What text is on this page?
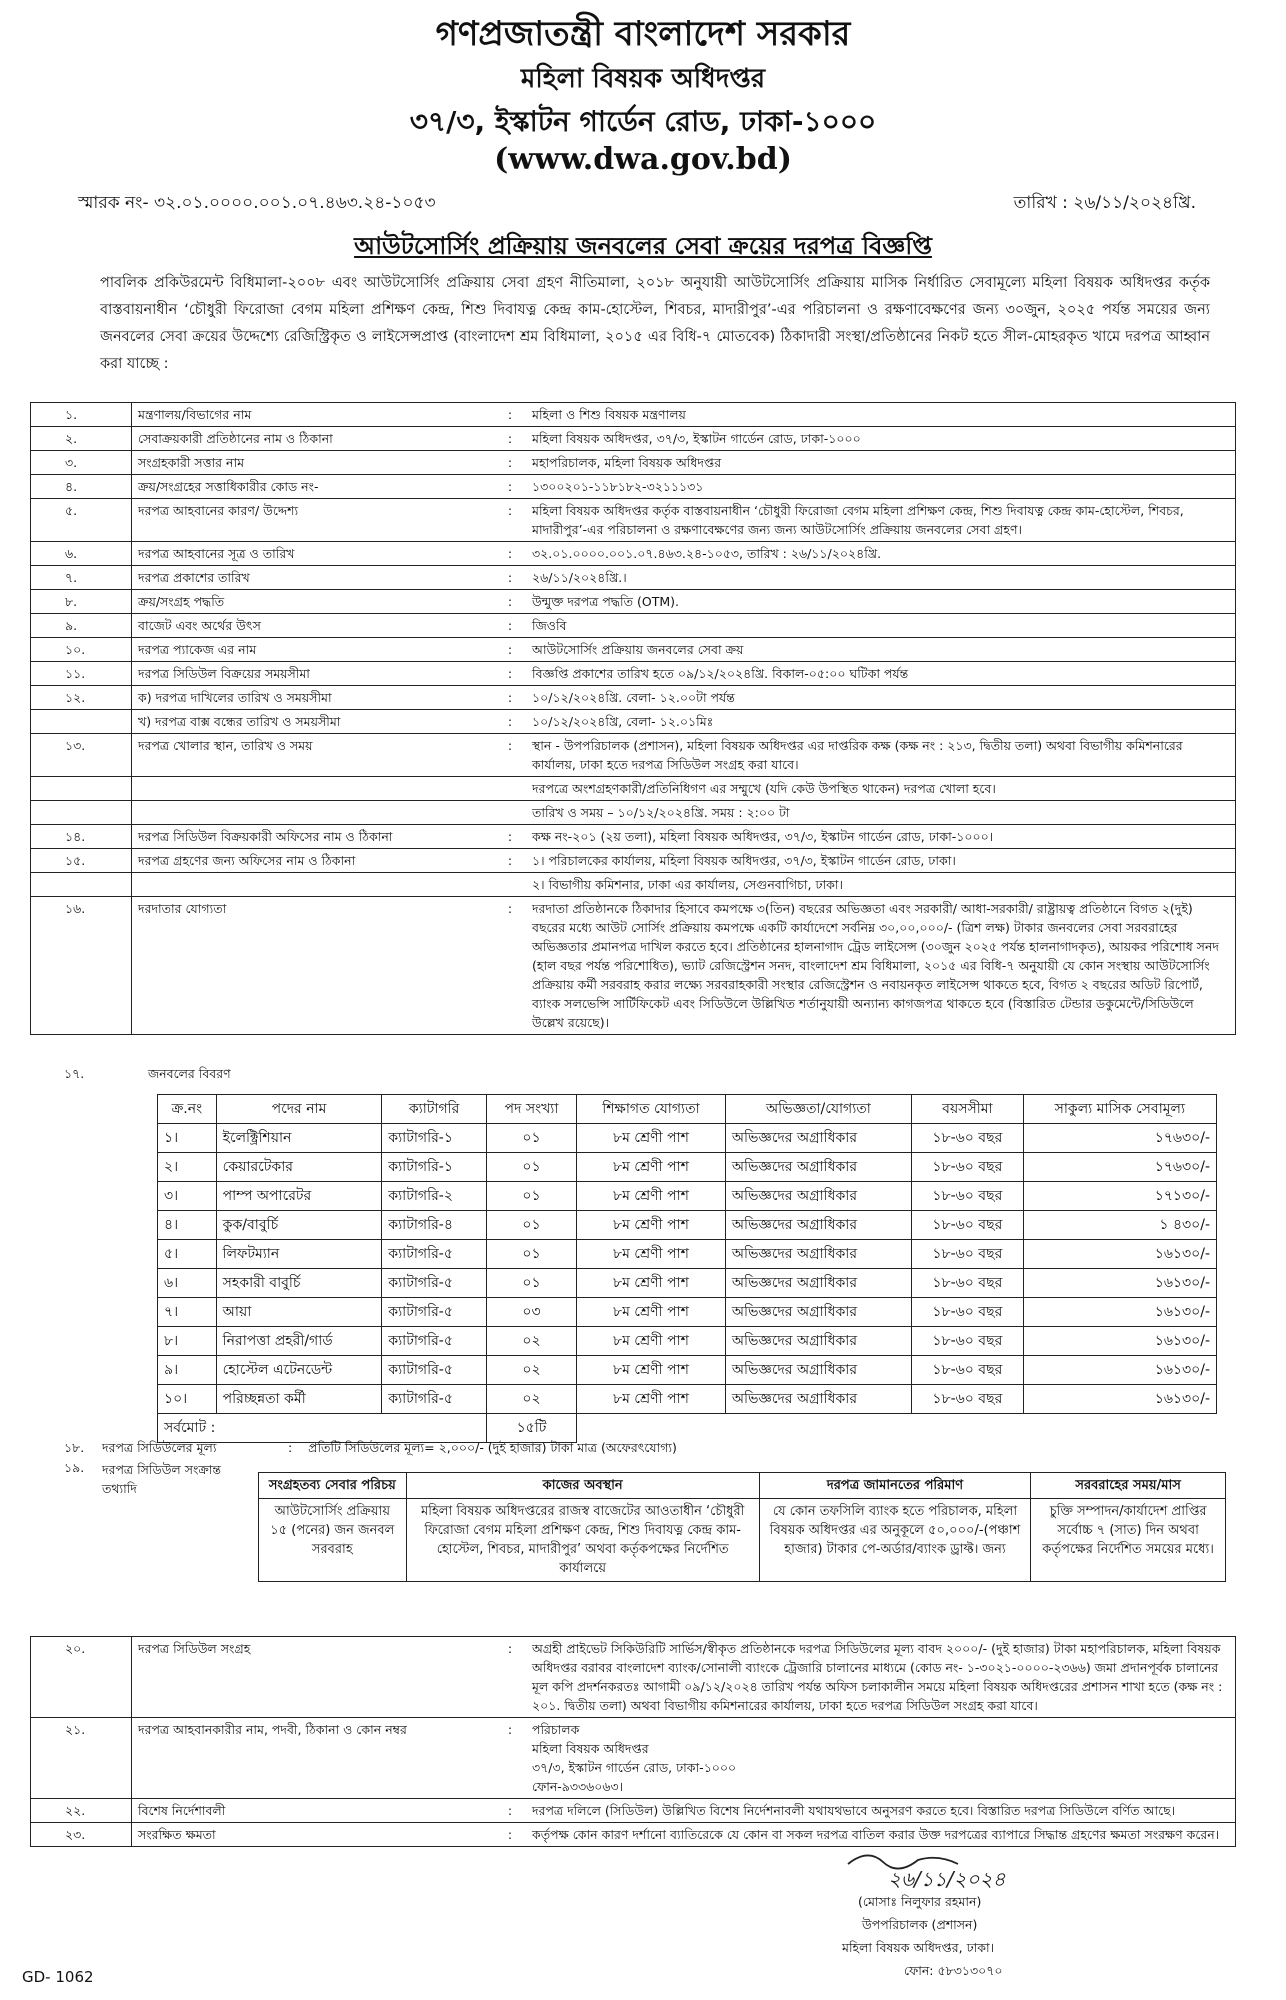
গণপ্রজাতন্ত্রী বাংলাদেশ সরকার
মহিলা বিষয়ক অধিদপ্তর
৩৭/৩, ইস্কাটন গার্ডেন রোড, ঢাকা-১০০০
(www.dwa.gov.bd)
স্মারক নং- ৩২.০১.০০০০.০০১.০৭.৪৬৩.২৪-১০৫৩	তারিখ : ২৬/১১/২০২৪খ্রি.
আউটসোর্সিং প্রক্রিয়ায় জনবলের সেবা ক্রয়ের দরপত্র বিজ্ঞপ্তি
পাবলিক প্রকিউরমেন্ট বিধিমালা-২০০৮ এবং আউটসোর্সিং প্রক্রিয়ায় সেবা গ্রহণ নীতিমালা, ২০১৮ অনুযায়ী আউটসোর্সিং প্রক্রিয়ায় মাসিক নির্ধারিত সেবামূল্যে মহিলা বিষয়ক অধিদপ্তর কর্তৃক বাস্তবায়নাধীন ‘চৌধুরী ফিরোজা বেগম মহিলা প্রশিক্ষণ কেন্দ্র, শিশু দিবাযত্ন কেন্দ্র কাম-হোস্টেল, শিবচর, মাদারীপুর’-এর পরিচালনা ও রক্ষণাবেক্ষণের জন্য ৩০জুন, ২০২৫ পর্যন্ত সময়ের জন্য জনবলের সেবা ক্রয়ের উদ্দেশ্যে রেজিস্ট্রিকৃত ও লাইসেন্সপ্রাপ্ত (বাংলাদেশ শ্রম বিধিমালা, ২০১৫ এর বিধি-৭ মোতবেক) ঠিকাদারী সংস্থা/প্রতিষ্ঠানের নিকট হতে সীল-মোহরকৃত খামে দরপত্র আহ্বান করা যাচ্ছে :
১.	মন্ত্রণালয়/বিভাগের নাম	:	মহিলা ও শিশু বিষয়ক মন্ত্রণালয়
২.	সেবাক্রয়কারী প্রতিষ্ঠানের নাম ও ঠিকানা	:	মহিলা বিষয়ক অধিদপ্তর, ৩৭/৩, ইস্কাটন গার্ডেন রোড, ঢাকা-১০০০
৩.	সংগ্রহকারী সত্তার নাম	:	মহাপরিচালক, মহিলা বিষয়ক অধিদপ্তর
৪.	ক্রয়/সংগ্রহের সত্তাধিকারীর কোড নং-	:	১৩০০২০১-১১৮১৮২-৩২১১১৩১
৫.	দরপত্র আহবানের কারণ/ উদ্দেশ্য	:	মহিলা বিষয়ক অধিদপ্তর কর্তৃক বাস্তবায়নাধীন ‘চৌধুরী ফিরোজা বেগম মহিলা প্রশিক্ষণ কেন্দ্র, শিশু দিবাযত্ন কেন্দ্র কাম-হোস্টেল, শিবচর, মাদারীপুর’-এর পরিচালনা ও রক্ষণাবেক্ষণের জন্য জন্য আউটসোর্সিং প্রক্রিয়ায় জনবলের সেবা গ্রহণ।
৬.	দরপত্র আহবানের সূত্র ও তারিখ	:	৩২.০১.০০০০.০০১.০৭.৪৬৩.২৪-১০৫৩, তারিখ : ২৬/১১/২০২৪খ্রি.
৭.	দরপত্র প্রকাশের তারিখ	:	২৬/১১/২০২৪খ্রি.।
৮.	ক্রয়/সংগ্রহ পদ্ধতি	:	উন্মুক্ত দরপত্র পদ্ধতি (OTM).
৯.	বাজেট এবং অর্থের উৎস	:	জিওবি
১০.	দরপত্র প্যাকেজ এর নাম	:	আউটসোর্সিং প্রক্রিয়ায় জনবলের সেবা ক্রয়
১১.	দরপত্র সিডিউল বিক্রয়ের সময়সীমা	:	বিজ্ঞপ্তি প্রকাশের তারিখ হতে ০৯/১২/২০২৪খ্রি. বিকাল-০৫:০০ ঘটিকা পর্যন্ত
১২.	ক) দরপত্র দাখিলের তারিখ ও সময়সীমা	:	১০/১২/২০২৪খ্রি. বেলা- ১২.০০টা পর্যন্ত
	খ) দরপত্র বাক্স বন্ধের তারিখ ও সময়সীমা	:	১০/১২/২০২৪খ্রি, বেলা- ১২.০১মিঃ
১৩.	দরপত্র খোলার স্থান, তারিখ ও সময়	:	স্থান - উপপরিচালক (প্রশাসন), মহিলা বিষয়ক অধিদপ্তর এর দাপ্তরিক কক্ষ (কক্ষ নং : ২১৩, দ্বিতীয় তলা) অথবা বিভাগীয় কমিশনারের কার্যালয়, ঢাকা হতে দরপত্র সিডিউল সংগ্রহ করা যাবে।
			দরপত্রে অংশগ্রহণকারী/প্রতিনিধিগণ এর সম্মুখে (যদি কেউ উপস্থিত থাকেন) দরপত্র খোলা হবে।
			তারিখ ও সময় – ১০/১২/২০২৪খ্রি. সময় : ২:০০ টা
১৪.	দরপত্র সিডিউল বিক্রয়কারী অফিসের নাম ও ঠিকানা	:	কক্ষ নং-২০১ (২য় তলা), মহিলা বিষয়ক অধিদপ্তর, ৩৭/৩, ইস্কাটন গার্ডেন রোড, ঢাকা-১০০০।
১৫.	দরপত্র গ্রহণের জন্য অফিসের নাম ও ঠিকানা	:	১। পরিচালকের কার্যালয়, মহিলা বিষয়ক অধিদপ্তর, ৩৭/৩, ইস্কাটন গার্ডেন রোড, ঢাকা।
			২। বিভাগীয় কমিশনার, ঢাকা এর কার্যালয়, সেগুনবাগিচা, ঢাকা।
১৬.	দরদাতার যোগ্যতা	:	দরদাতা প্রতিষ্ঠানকে ঠিকাদার হিসাবে কমপক্ষে ৩(তিন) বছরের অভিজ্ঞতা এবং সরকারী/ আধা-সরকারী/ রাষ্ট্রায়ত্ব প্রতিষ্ঠানে বিগত ২(দুই) বছরের মধ্যে আউট সোর্সিং প্রক্রিয়ায় কমপক্ষে একটি কার্যাদেশে সর্বনিম্ন ৩০,০০,০০০/- (ত্রিশ লক্ষ) টাকার জনবলের সেবা সরবরাহের অভিজ্ঞতার প্রমানপত্র দাখিল করতে হবে। প্রতিষ্ঠানের হালনাগাদ ট্রেড লাইসেন্স (৩০জুন ২০২৫ পর্যন্ত হালনাগাদকৃত), আয়কর পরিশোধ সনদ (হাল বছর পর্যন্ত পরিশোধিত), ভ্যাট রেজিস্ট্রেশন সনদ, বাংলাদেশ শ্রম বিধিমালা, ২০১৫ এর বিধি-৭ অনুযায়ী যে কোন সংস্থায় আউটসোর্সিং প্রক্রিয়ায় কর্মী সরবরাহ করার লক্ষ্যে সরবরাহকারী সংস্থার রেজিস্ট্রেশন ও নবায়নকৃত লাইসেন্স থাকতে হবে, বিগত ২ বছরের অডিট রিপোর্ট, ব্যাংক সলভেন্সি সার্টিফিকেট এবং সিডিউলে উল্লিখিত শর্তানুযায়ী অন্যান্য কাগজপত্র থাকতে হবে (বিস্তারিত টেন্ডার ডকুমেন্টে/সিডিউলে উল্লেখ রয়েছে)।
১৭.	জনবলের বিবরণ
ক্র.নং	পদের নাম	ক্যাটাগরি	পদ সংখ্যা	শিক্ষাগত যোগ্যতা	অভিজ্ঞতা/যোগ্যতা	বয়সসীমা	সাকুল্য মাসিক সেবামূল্য
১।	ইলেক্ট্রিশিয়ান	ক্যাটাগরি-১	০১	৮ম শ্রেণী পাশ	অভিজ্ঞদের অগ্রাধিকার	১৮-৬০ বছর	১৭৬৩০/-
২।	কেয়ারটেকার	ক্যাটাগরি-১	০১	৮ম শ্রেণী পাশ	অভিজ্ঞদের অগ্রাধিকার	১৮-৬০ বছর	১৭৬৩০/-
৩।	পাম্প অপারেটর	ক্যাটাগরি-২	০১	৮ম শ্রেণী পাশ	অভিজ্ঞদের অগ্রাধিকার	১৮-৬০ বছর	১৭১৩০/-
৪।	কুক/বাবুর্চি	ক্যাটাগরি-৪	০১	৮ম শ্রেণী পাশ	অভিজ্ঞদের অগ্রাধিকার	১৮-৬০ বছর	১ ৪৩০/-
৫।	লিফটম্যান	ক্যাটাগরি-৫	০১	৮ম শ্রেণী পাশ	অভিজ্ঞদের অগ্রাধিকার	১৮-৬০ বছর	১৬১৩০/-
৬।	সহকারী বাবুর্চি	ক্যাটাগরি-৫	০১	৮ম শ্রেণী পাশ	অভিজ্ঞদের অগ্রাধিকার	১৮-৬০ বছর	১৬১৩০/-
৭।	আয়া	ক্যাটাগরি-৫	০৩	৮ম শ্রেণী পাশ	অভিজ্ঞদের অগ্রাধিকার	১৮-৬০ বছর	১৬১৩০/-
৮।	নিরাপত্তা প্রহরী/গার্ড	ক্যাটাগরি-৫	০২	৮ম শ্রেণী পাশ	অভিজ্ঞদের অগ্রাধিকার	১৮-৬০ বছর	১৬১৩০/-
৯।	হোস্টেল এটেনডেন্ট	ক্যাটাগরি-৫	০২	৮ম শ্রেণী পাশ	অভিজ্ঞদের অগ্রাধিকার	১৮-৬০ বছর	১৬১৩০/-
১০।	পরিচ্ছন্নতা কর্মী	ক্যাটাগরি-৫	০২	৮ম শ্রেণী পাশ	অভিজ্ঞদের অগ্রাধিকার	১৮-৬০ বছর	১৬১৩০/-
সর্বমোট :			১৫টি				
১৮. দরপত্র সিডিউলের মূল্য	: প্রতিটি সিডিউলের মূল্য= ২,০০০/- (দুই হাজার) টাকা মাত্র (অফেরৎযোগ্য)
১৯. দরপত্র সিডিউল সংক্রান্ত তথ্যাদি	সংগ্রহতব্য সেবার পরিচয়	কাজের অবস্থান	দরপত্র জামানতের পরিমাণ	সরবরাহের সময়/মাস
আউটসোর্সিং প্রক্রিয়ায় ১৫ (পনের) জন জনবল সরবরাহ	মহিলা বিষয়ক অধিদপ্তরের রাজস্ব বাজেটের আওতাধীন ‘চৌধুরী ফিরোজা বেগম মহিলা প্রশিক্ষণ কেন্দ্র, শিশু দিবাযত্ন কেন্দ্র কাম-হোস্টেল, শিবচর, মাদারীপুর’ অথবা কর্তৃকপক্ষের নির্দেশিত কার্যালয়ে	যে কোন তফসিলি ব্যাংক হতে পরিচালক, মহিলা বিষয়ক অধিদপ্তর এর অনুকূলে ৫০,০০০/-(পঞ্চাশ হাজার) টাকার পে-অর্ডার/ব্যাংক ড্রাফ্ট। জন্য	চুক্তি সম্পাদন/কার্যাদেশ প্রাপ্তির সর্বোচ্চ ৭ (সাত) দিন অথবা কর্তৃপক্ষের নির্দেশিত সময়ের মধ্যে।
২০.	দরপত্র সিডিউল সংগ্রহ	:	অগ্রহী প্রাইভেট সিকিউরিটি সার্ভিস/স্বীকৃত প্রতিষ্ঠানকে দরপত্র সিডিউলের মূল্য বাবদ ২০০০/- (দুই হাজার) টাকা মহাপরিচালক, মহিলা বিষয়ক অধিদপ্তর বরাবর বাংলাদেশ ব্যাংক/সোনালী ব্যাংকে ট্রেজারি চালানের মাধ্যমে (কোড নং- ১-৩০২১-০০০০-২৩৬৬) জমা প্রদানপূর্বক চালানের মূল কপি প্রদর্শনকরতঃ আগামী ০৯/১২/২০২৪ তারিখ পর্যন্ত অফিস চলাকালীন সময়ে মহিলা বিষয়ক অধিদপ্তরের প্রশাসন শাখা হতে (কক্ষ নং : ২০১. দ্বিতীয় তলা) অথবা বিভাগীয় কমিশনারের কার্যালয়, ঢাকা হতে দরপত্র সিডিউল সংগ্রহ করা যাবে।
২১.	দরপত্র আহবানকারীর নাম, পদবী, ঠিকানা ও কোন নম্বর	:	পরিচালক
মহিলা বিষয়ক অধিদপ্তর
৩৭/৩, ইস্কাটন গার্ডেন রোড, ঢাকা-১০০০
ফোন-৯৩৩৬০৬৩।
২২.	বিশেষ নির্দেশাবলী	:	দরপত্র দলিলে (সিডিউল) উল্লিখিত বিশেষ নির্দেশনাবলী যথাযথভাবে অনুসরণ করতে হবে। বিস্তারিত দরপত্র সিডিউলে বর্ণিত আছে।
২৩.	সংরক্ষিত ক্ষমতা	:	কর্তৃপক্ষ কোন কারণ দর্শানো ব্যাতিরেকে যে কোন বা সকল দরপত্র বাতিল করার উক্ত দরপত্রের ব্যাপারে সিদ্ধান্ত গ্রহণের ক্ষমতা সংরক্ষণ করেন।
২৬/১১/২০২৪
(মোসাঃ নিলুফার রহমান)
উপপরিচালক (প্রশাসন)
মহিলা বিষয়ক অধিদপ্তর, ঢাকা।
ফোন: ৫৮৩১৩০৭০
GD- 1062
